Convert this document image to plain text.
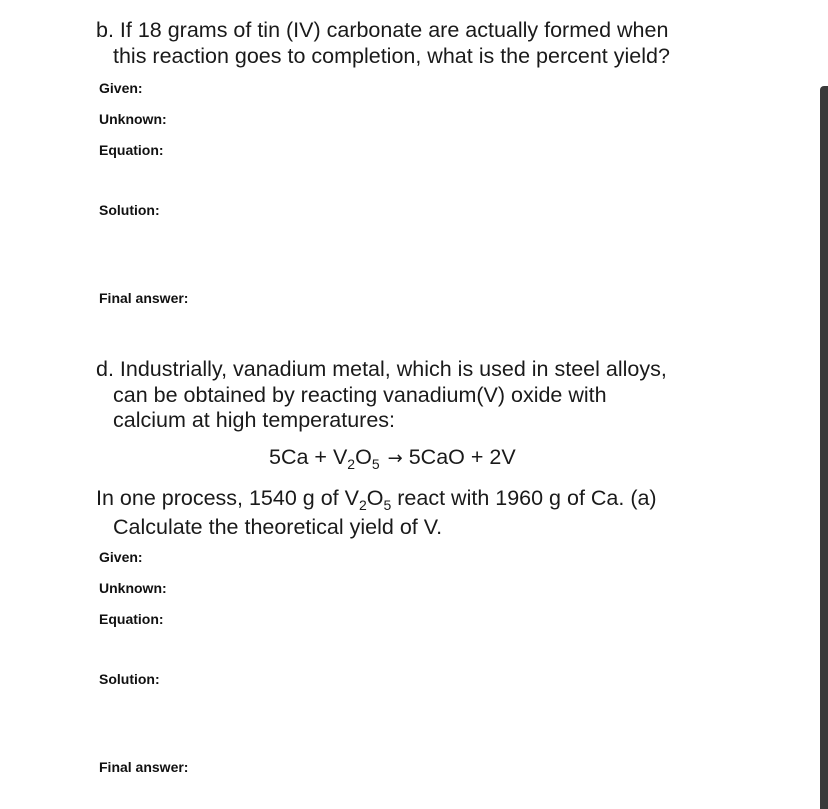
b. If 18 grams of tin (IV) carbonate are actually formed when
this reaction goes to completion, what is the percent yield?

Given:

Unknown:

Equation:

Solution:

Final answer:

d. Industrially, vanadium metal, which is used in steel alloys,
can be obtained by reacting vanadium(V) oxide with
calcium at high temperatures:

$5Ca + V_2O_5 \to 5CaO + 2V$

In one process, 1540 g of $V_2O_5$ react with 1960 g of Ca. (a)
Calculate the theoretical yield of V.

Given:

Unknown:

Equation:

Solution:

Final answer:
